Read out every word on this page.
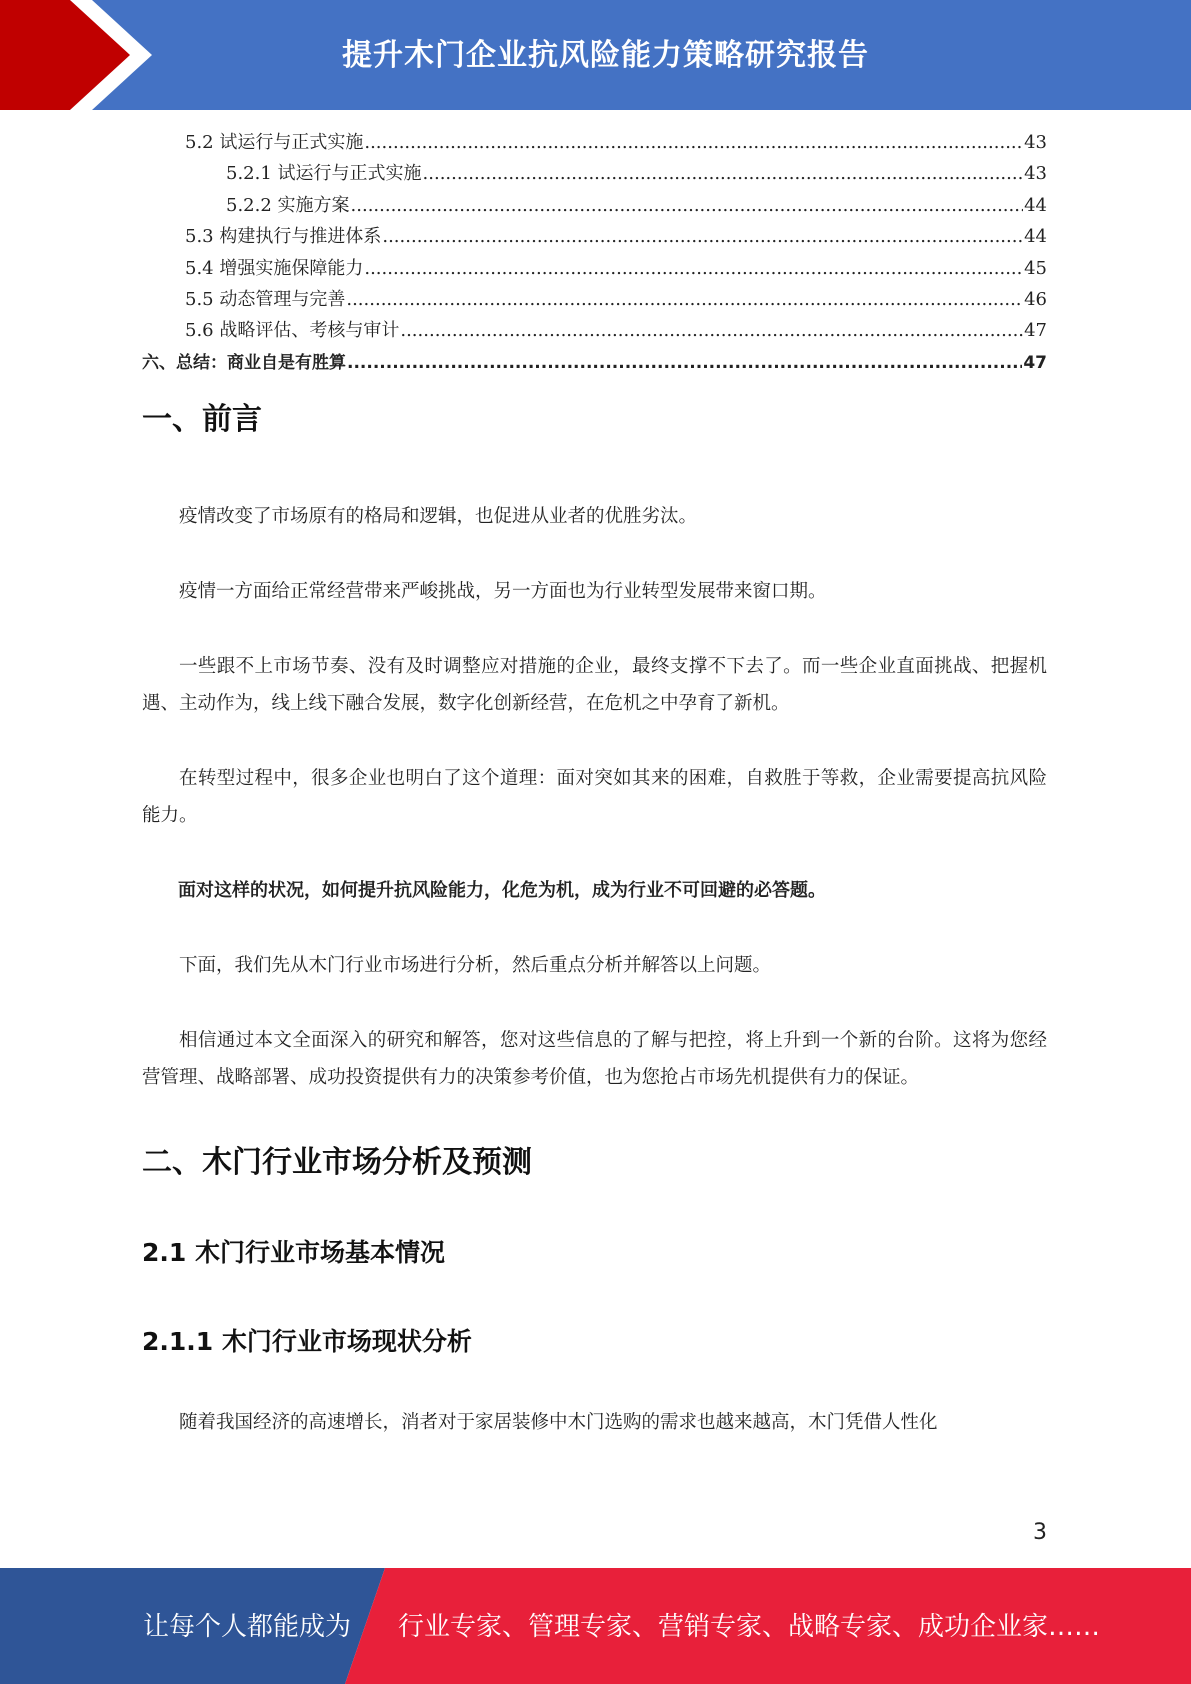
提升木门企业抗风险能力策略研究报告
5.2 试运行与正式实施 .....	43
5.2.1 试运行与正式实施 .....	43
5.2.2 实施方案 .....	44
5.3 构建执行与推进体系 .....	44
5.4 增强实施保障能力 .....	45
5.5 动态管理与完善 .....	46
5.6 战略评估、考核与审计 .....	47
六、总结：商业自是有胜算 .....	47
一、前言

疫情改变了市场原有的格局和逻辑，也促进从业者的优胜劣汰。

疫情一方面给正常经营带来严峻挑战，另一方面也为行业转型发展带来窗口期。

一些跟不上市场节奏、没有及时调整应对措施的企业，最终支撑不下去了。而一些企业直面挑战、把握机遇、主动作为，线上线下融合发展，数字化创新经营，在危机之中孕育了新机。

在转型过程中，很多企业也明白了这个道理：面对突如其来的困难，自救胜于等救，企业需要提高抗风险能力。

面对这样的状况，如何提升抗风险能力，化危为机，成为行业不可回避的必答题。

下面，我们先从木门行业市场进行分析，然后重点分析并解答以上问题。

相信通过本文全面深入的研究和解答，您对这些信息的了解与把控，将上升到一个新的台阶。这将为您经营管理、战略部署、成功投资提供有力的决策参考价值，也为您抢占市场先机提供有力的保证。

二、木门行业市场分析及预测
2.1 木门行业市场基本情况
2.1.1 木门行业市场现状分析

随着我国经济的高速增长，消者对于家居装修中木门选购的需求也越来越高，木门凭借人性化

3
让每个人都能成为 行业专家、管理专家、营销专家、战略专家、成功企业家……
